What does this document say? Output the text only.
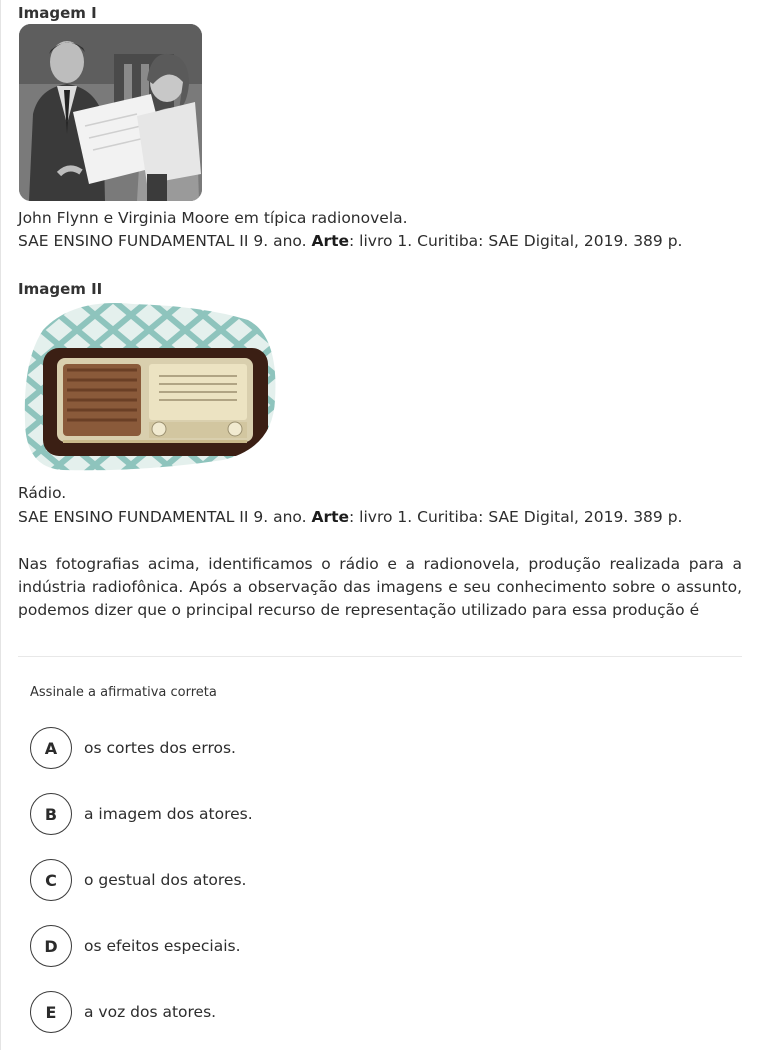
Imagem I

John Flynn e Virginia Moore em típica radionovela.
SAE ENSINO FUNDAMENTAL II 9. ano. Arte: livro 1. Curitiba: SAE Digital, 2019. 389 p.

Imagem II

Rádio.
SAE ENSINO FUNDAMENTAL II 9. ano. Arte: livro 1. Curitiba: SAE Digital, 2019. 389 p.
Nas fotografias acima, identificamos o rádio e a radionovela, produção realizada para a indústria radiofônica. Após a observação das imagens e seu conhecimento sobre o assunto, podemos dizer que o principal recurso de representação utilizado para essa produção é
Assinale a afirmativa correta
A	os cortes dos erros.
B	a imagem dos atores.
C	o gestual dos atores.
D	os efeitos especiais.
E	a voz dos atores.
